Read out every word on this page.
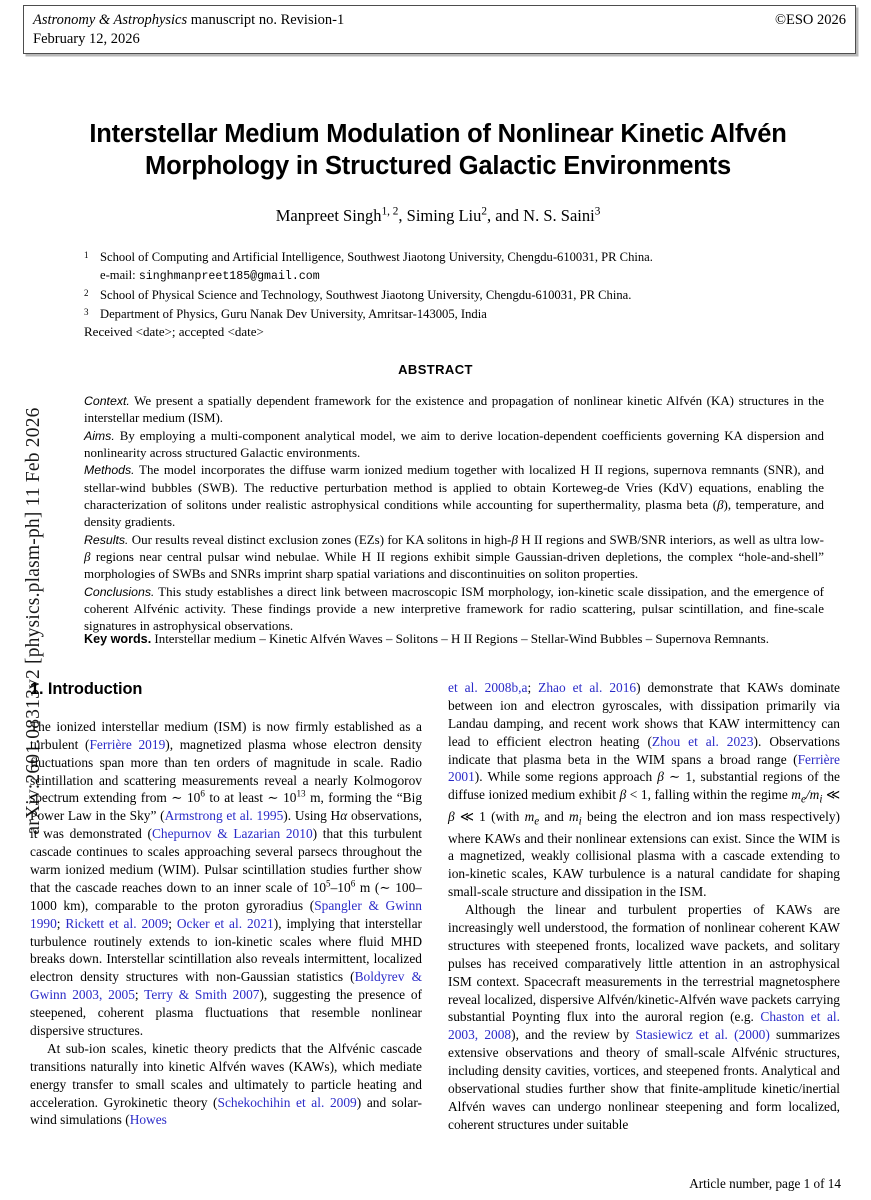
arXiv:2601.08313v2 [physics.plasm-ph] 11 Feb 2026
Astronomy & Astrophysics manuscript no. Revision-1	©ESO 2026
February 12, 2026
Interstellar Medium Modulation of Nonlinear Kinetic Alfvén
Morphology in Structured Galactic Environments
Manpreet Singh$^{1, 2}$, Siming Liu$^2$, and N. S. Saini$^3$
1 School of Computing and Artificial Intelligence, Southwest Jiaotong University, Chengdu-610031, PR China.
e-mail: singhmanpreet185@gmail.com
2 School of Physical Science and Technology, Southwest Jiaotong University, Chengdu-610031, PR China.
3 Department of Physics, Guru Nanak Dev University, Amritsar-143005, India
Received <date>; accepted <date>
ABSTRACT

Context. We present a spatially dependent framework for the existence and propagation of nonlinear kinetic Alfvén (KA) structures in the interstellar medium (ISM).

Aims. By employing a multi-component analytical model, we aim to derive location-dependent coefficients governing KA dispersion and nonlinearity across structured Galactic environments.

Methods. The model incorporates the diffuse warm ionized medium together with localized H II regions, supernova remnants (SNR), and stellar-wind bubbles (SWB). The reductive perturbation method is applied to obtain Korteweg-de Vries (KdV) equations, enabling the characterization of solitons under realistic astrophysical conditions while accounting for superthermality, plasma beta (β), temperature, and density gradients.

Results. Our results reveal distinct exclusion zones (EZs) for KA solitons in high-β H II regions and SWB/SNR interiors, as well as ultra low-β regions near central pulsar wind nebulae. While H II regions exhibit simple Gaussian-driven depletions, the complex “hole-and-shell” morphologies of SWBs and SNRs imprint sharp spatial variations and discontinuities on soliton properties.

Conclusions. This study establishes a direct link between macroscopic ISM morphology, ion-kinetic scale dissipation, and the emergence of coherent Alfvénic activity. These findings provide a new interpretive framework for radio scattering, pulsar scintillation, and fine-scale signatures in astrophysical observations.

Key words. Interstellar medium – Kinetic Alfvén Waves – Solitons – H II Regions – Stellar-Wind Bubbles – Supernova Remnants.
1. Introduction

The ionized interstellar medium (ISM) is now firmly established as a turbulent (Ferrière 2019), magnetized plasma whose electron density fluctuations span more than ten orders of magnitude in scale. Radio scintillation and scattering measurements reveal a nearly Kolmogorov spectrum extending from ∼ $10^6$ to at least ∼ $10^{13}$ m, forming the “Big Power Law in the Sky” (Armstrong et al. 1995). Using Hα observations, it was demonstrated (Chepurnov & Lazarian 2010) that this turbulent cascade continues to scales approaching several parsecs throughout the warm ionized medium (WIM). Pulsar scintillation studies further show that the cascade reaches down to an inner scale of $10^5-10^6$ m (∼ 100–1000 km), comparable to the proton gyroradius (Spangler & Gwinn 1990; Rickett et al. 2009; Ocker et al. 2021), implying that interstellar turbulence routinely extends to ion-kinetic scales where fluid MHD breaks down. Interstellar scintillation also reveals intermittent, localized electron density structures with non-Gaussian statistics (Boldyrev & Gwinn 2003, 2005; Terry & Smith 2007), suggesting the presence of steepened, coherent plasma fluctuations that resemble nonlinear dispersive structures.

At sub-ion scales, kinetic theory predicts that the Alfvénic cascade transitions naturally into kinetic Alfvén waves (KAWs), which mediate energy transfer to small scales and ultimately to particle heating and acceleration. Gyrokinetic theory (Schekochihin et al. 2009) and solar-wind simulations (Howes

et al. 2008b,a; Zhao et al. 2016) demonstrate that KAWs dominate between ion and electron gyroscales, with dissipation primarily via Landau damping, and recent work shows that KAW intermittency can lead to efficient electron heating (Zhou et al. 2023). Observations indicate that plasma beta in the WIM spans a broad range (Ferrière 2001). While some regions approach β ∼ 1, substantial regions of the diffuse ionized medium exhibit β < 1, falling within the regime $m_e/m_i$ ≪ β ≪ 1 (with $m_e$ and $m_i$ being the electron and ion mass respectively) where KAWs and their nonlinear extensions can exist. Since the WIM is a magnetized, weakly collisional plasma with a cascade extending to ion-kinetic scales, KAW turbulence is a natural candidate for shaping small-scale structure and dissipation in the ISM.

Although the linear and turbulent properties of KAWs are increasingly well understood, the formation of nonlinear coherent KAW structures with steepened fronts, localized wave packets, and solitary pulses has received comparatively little attention in an astrophysical ISM context. Spacecraft measurements in the terrestrial magnetosphere reveal localized, dispersive Alfvén/kinetic-Alfvén wave packets carrying substantial Poynting flux into the auroral region (e.g. Chaston et al. 2003, 2008), and the review by Stasiewicz et al. (2000) summarizes extensive observations and theory of small-scale Alfvénic structures, including density cavities, vortices, and steepened fronts. Analytical and observational studies further show that finite-amplitude kinetic/inertial Alfvén waves can undergo nonlinear steepening and form localized, coherent structures under suitable

Article number, page 1 of 14
